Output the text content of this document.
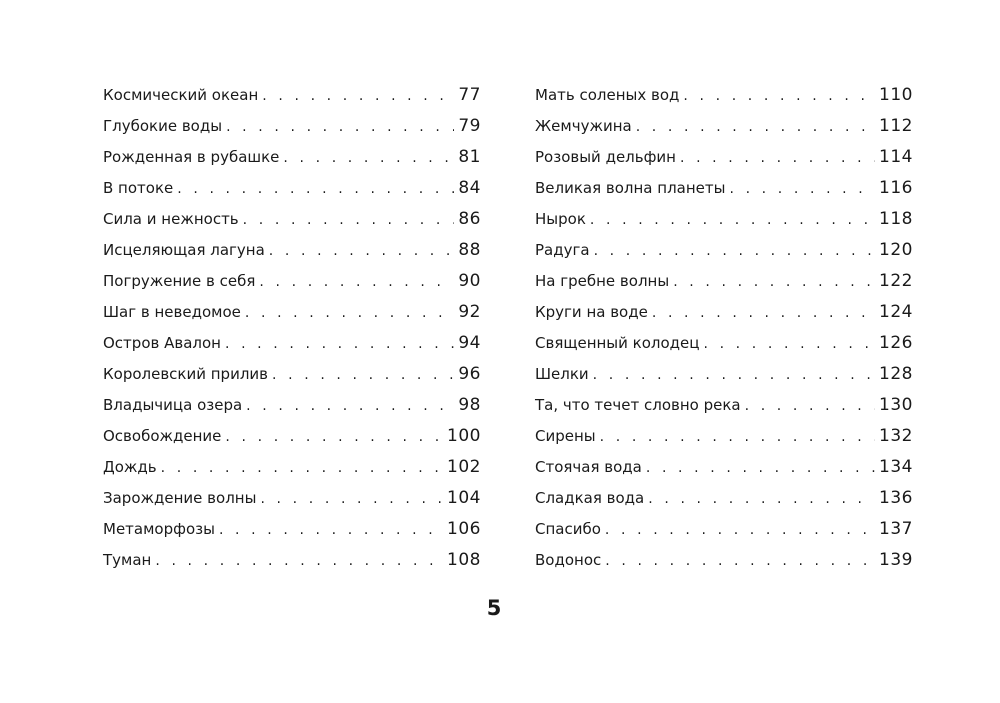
Космический океан . . .	77
Глубокие воды . . .	79
Рожденная в рубашке . . .	81
В потоке . . .	84
Сила и нежность . . .	86
Исцеляющая лагуна . . .	88
Погружение в себя . . .	90
Шаг в неведомое . . .	92
Остров Авалон . . .	94
Королевский прилив . . .	96
Владычица озера . . .	98
Освобождение . . .	100
Дождь . . .	102
Зарождение волны . . .	104
Метаморфозы . . .	106
Туман . . .	108
Мать соленых вод . . .	110
Жемчужина . . .	112
Розовый дельфин . . .	114
Великая волна планеты . . .	116
Нырок . . .	118
Радуга . . .	120
На гребне волны . . .	122
Круги на воде . . .	124
Священный колодец . . .	126
Шелки . . .	128
Та, что течет словно река . . .	130
Сирены . . .	132
Стоячая вода . . .	134
Сладкая вода . . .	136
Спасибо . . .	137
Водонос . . .	139
5
